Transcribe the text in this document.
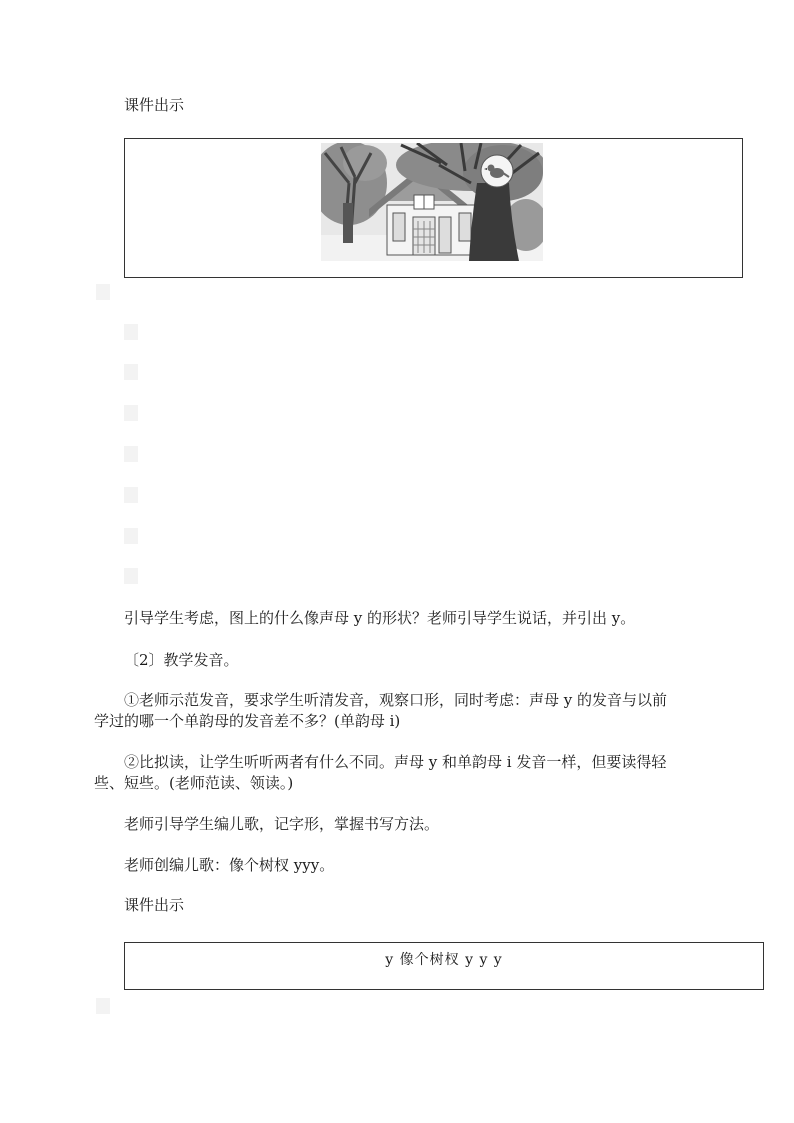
课件出示
引导学生考虑，图上的什么像声母 y 的形状？老师引导学生说话，并引出 y。
〔2〕教学发音。
①老师示范发音，要求学生听清发音，观察口形，同时考虑：声母 y 的发音与以前
学过的哪一个单韵母的发音差不多？(单韵母 i)
②比拟读，让学生听听两者有什么不同。声母 y 和单韵母 i 发音一样，但要读得轻
些、短些。(老师范读、领读。)
老师引导学生编儿歌，记字形，掌握书写方法。
老师创编儿歌：像个树杈 yyy。
课件出示
y 像个树杈 y y y
